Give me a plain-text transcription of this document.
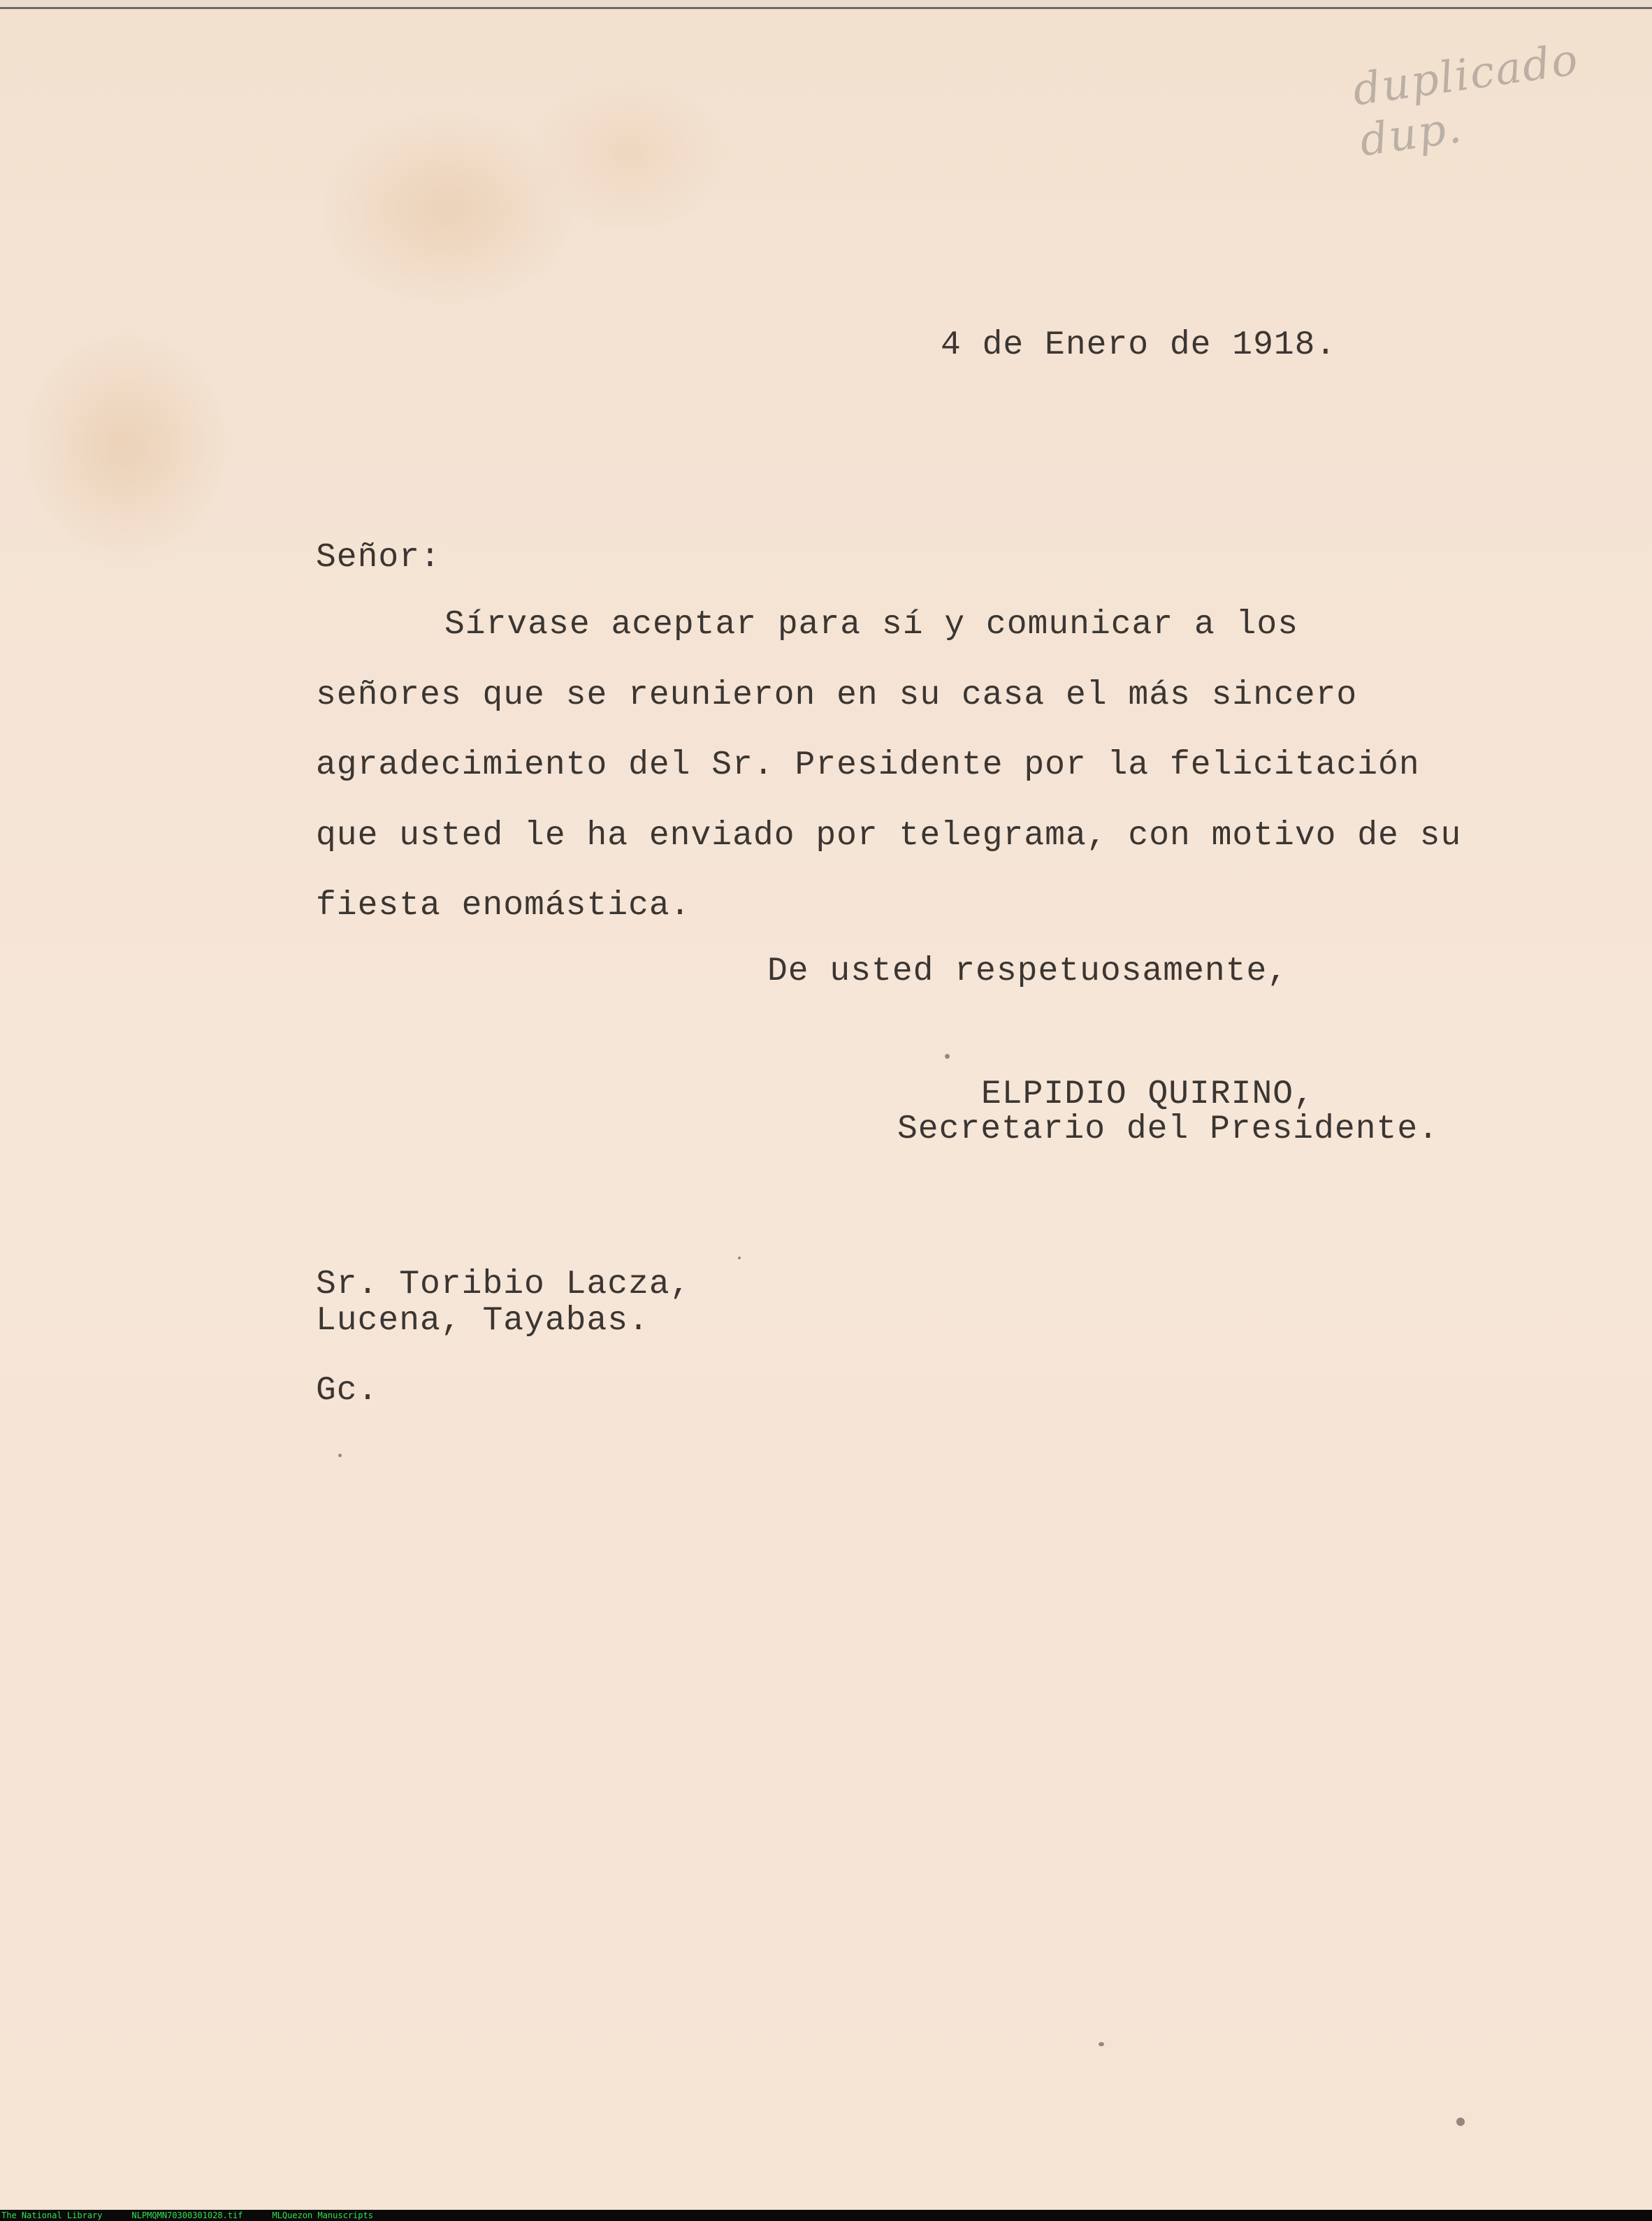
duplicado dup.
4 de Enero de 1918.
Señor:
Sírvase aceptar para sí y comunicar a los señores que se reunieron en su casa el más sincero agradecimiento del Sr. Presidente por la felicitación que usted le ha enviado por telegrama, con motivo de su fiesta enomástica.
De usted respetuosamente,
ELPIDIO QUIRINO,
Secretario del Presidente.
Sr. Toribio Lacza,
Lucena, Tayabas.
Gc.
The National Library	NLPMQMN70300301028.tif	MLQuezon Manuscripts
